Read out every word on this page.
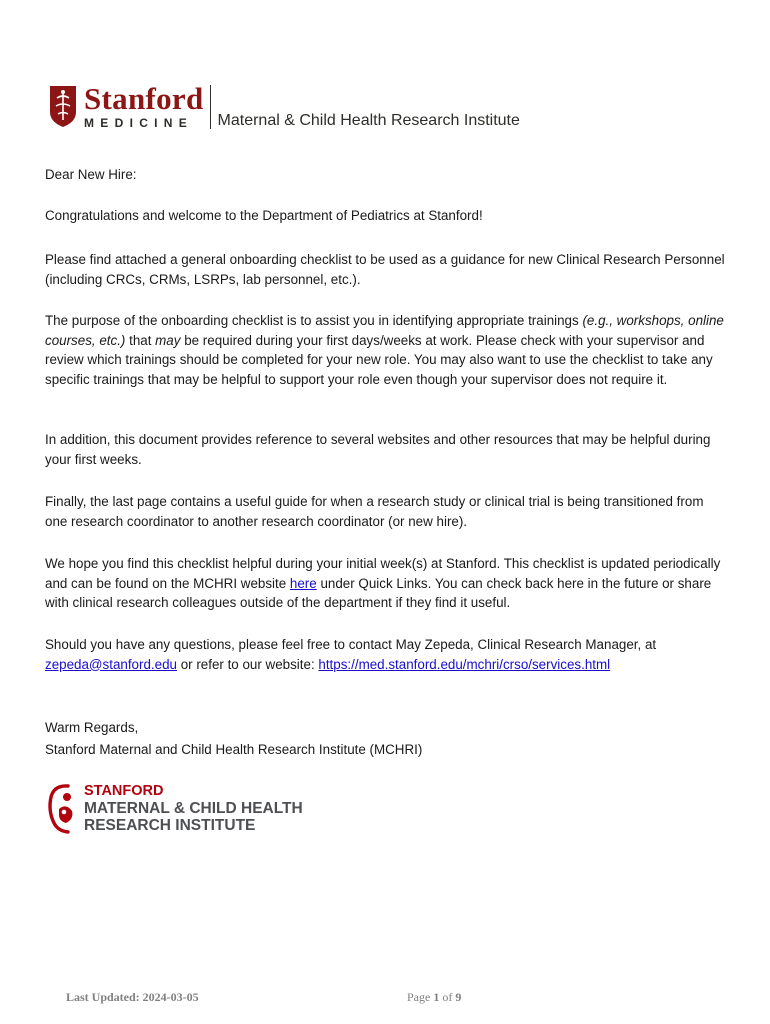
Stanford
MEDICINE	Maternal & Child Health Research Institute

Dear New Hire:

Congratulations and welcome to the Department of Pediatrics at Stanford!

Please find attached a general onboarding checklist to be used as a guidance for new Clinical Research Personnel (including CRCs, CRMs, LSRPs, lab personnel, etc.).

The purpose of the onboarding checklist is to assist you in identifying appropriate trainings (e.g., workshops, online courses, etc.) that may be required during your first days/weeks at work. Please check with your supervisor and review which trainings should be completed for your new role. You may also want to use the checklist to take any specific trainings that may be helpful to support your role even though your supervisor does not require it.

In addition, this document provides reference to several websites and other resources that may be helpful during your first weeks.

Finally, the last page contains a useful guide for when a research study or clinical trial is being transitioned from one research coordinator to another research coordinator (or new hire).

We hope you find this checklist helpful during your initial week(s) at Stanford. This checklist is updated periodically and can be found on the MCHRI website here under Quick Links. You can check back here in the future or share with clinical research colleagues outside of the department if they find it useful.

Should you have any questions, please feel free to contact May Zepeda, Clinical Research Manager, at zepeda@stanford.edu or refer to our website: https://med.stanford.edu/mchri/crso/services.html

Warm Regards,

Stanford Maternal and Child Health Research Institute (MCHRI)

STANFORD
MATERNAL & CHILD HEALTH
RESEARCH INSTITUTE
Last Updated: 2024-03-05	Page 1 of 9
